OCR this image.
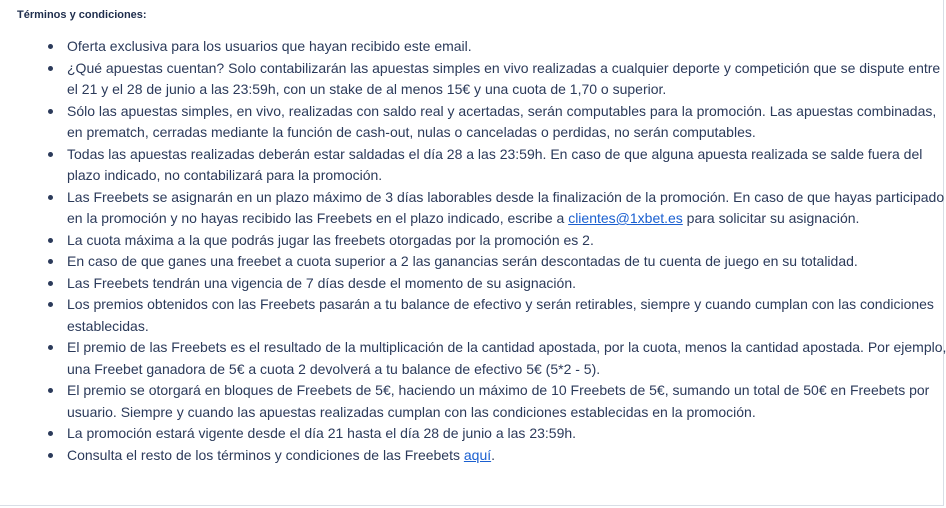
Términos y condiciones:
Oferta exclusiva para los usuarios que hayan recibido este email.
¿Qué apuestas cuentan? Solo contabilizarán las apuestas simples en vivo realizadas a cualquier deporte y competición que se dispute entre el 21 y el 28 de junio a las 23:59h, con un stake de al menos 15€ y una cuota de 1,70 o superior.
Sólo las apuestas simples, en vivo, realizadas con saldo real y acertadas, serán computables para la promoción. Las apuestas combinadas, en prematch, cerradas mediante la función de cash-out, nulas o canceladas o perdidas, no serán computables.
Todas las apuestas realizadas deberán estar saldadas el día 28 a las 23:59h. En caso de que alguna apuesta realizada se salde fuera del plazo indicado, no contabilizará para la promoción.
Las Freebets se asignarán en un plazo máximo de 3 días laborables desde la finalización de la promoción. En caso de que hayas participado en la promoción y no hayas recibido las Freebets en el plazo indicado, escribe a clientes@1xbet.es para solicitar su asignación.
La cuota máxima a la que podrás jugar las freebets otorgadas por la promoción es 2.
En caso de que ganes una freebet a cuota superior a 2 las ganancias serán descontadas de tu cuenta de juego en su totalidad.
Las Freebets tendrán una vigencia de 7 días desde el momento de su asignación.
Los premios obtenidos con las Freebets pasarán a tu balance de efectivo y serán retirables, siempre y cuando cumplan con las condiciones establecidas.
El premio de las Freebets es el resultado de la multiplicación de la cantidad apostada, por la cuota, menos la cantidad apostada. Por ejemplo, una Freebet ganadora de 5€ a cuota 2 devolverá a tu balance de efectivo 5€ (5*2 - 5).
El premio se otorgará en bloques de Freebets de 5€, haciendo un máximo de 10 Freebets de 5€, sumando un total de 50€ en Freebets por usuario. Siempre y cuando las apuestas realizadas cumplan con las condiciones establecidas en la promoción.
La promoción estará vigente desde el día 21 hasta el día 28 de junio a las 23:59h.
Consulta el resto de los términos y condiciones de las Freebets aquí.
